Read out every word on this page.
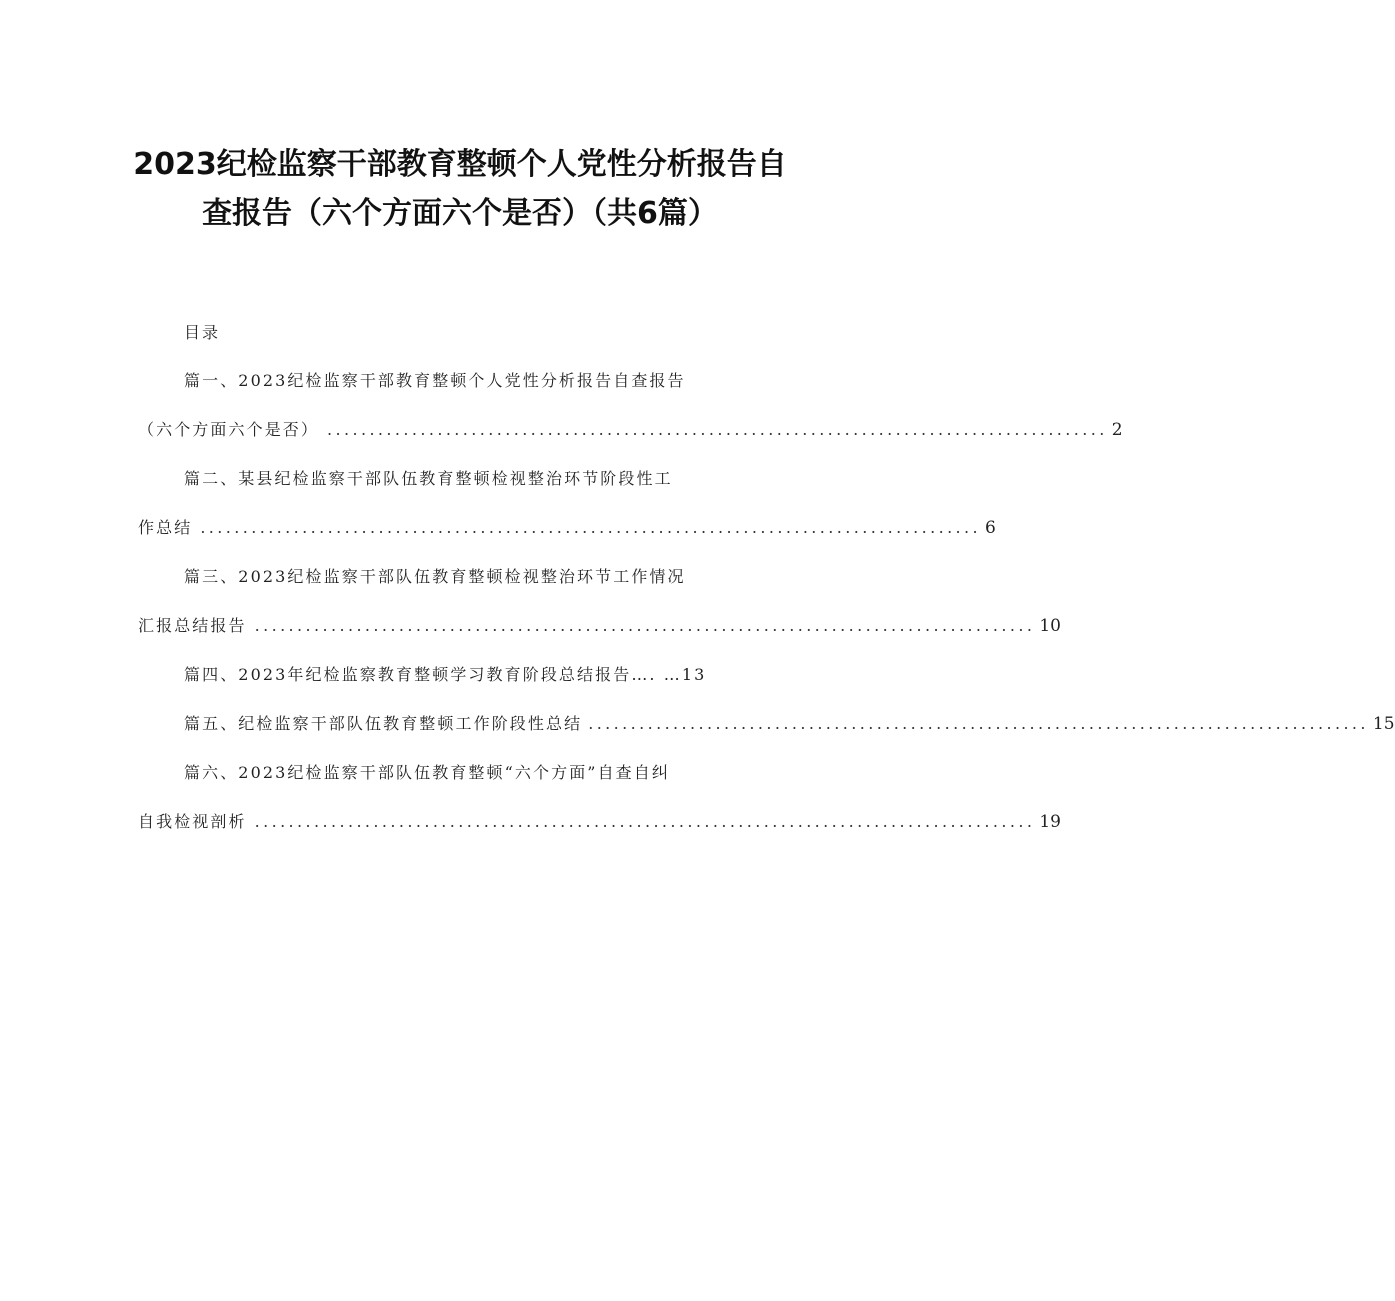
2023纪检监察干部教育整顿个人党性分析报告自查报告（六个方面六个是否）（共6篇）
目录
篇一、2023纪检监察干部教育整顿个人党性分析报告自查报告
（六个方面六个是否） ............................................................................................ 2
篇二、某县纪检监察干部队伍教育整顿检视整治环节阶段性工
作总结 ............................................................................................ 6
篇三、2023纪检监察干部队伍教育整顿检视整治环节工作情况
汇报总结报告 ............................................................................................ 10
篇四、2023年纪检监察教育整顿学习教育阶段总结报告…. …13
篇五、纪检监察干部队伍教育整顿工作阶段性总结 ............................................................................................ 15
篇六、2023纪检监察干部队伍教育整顿“六个方面”自查自纠
自我检视剖析 ............................................................................................ 19
